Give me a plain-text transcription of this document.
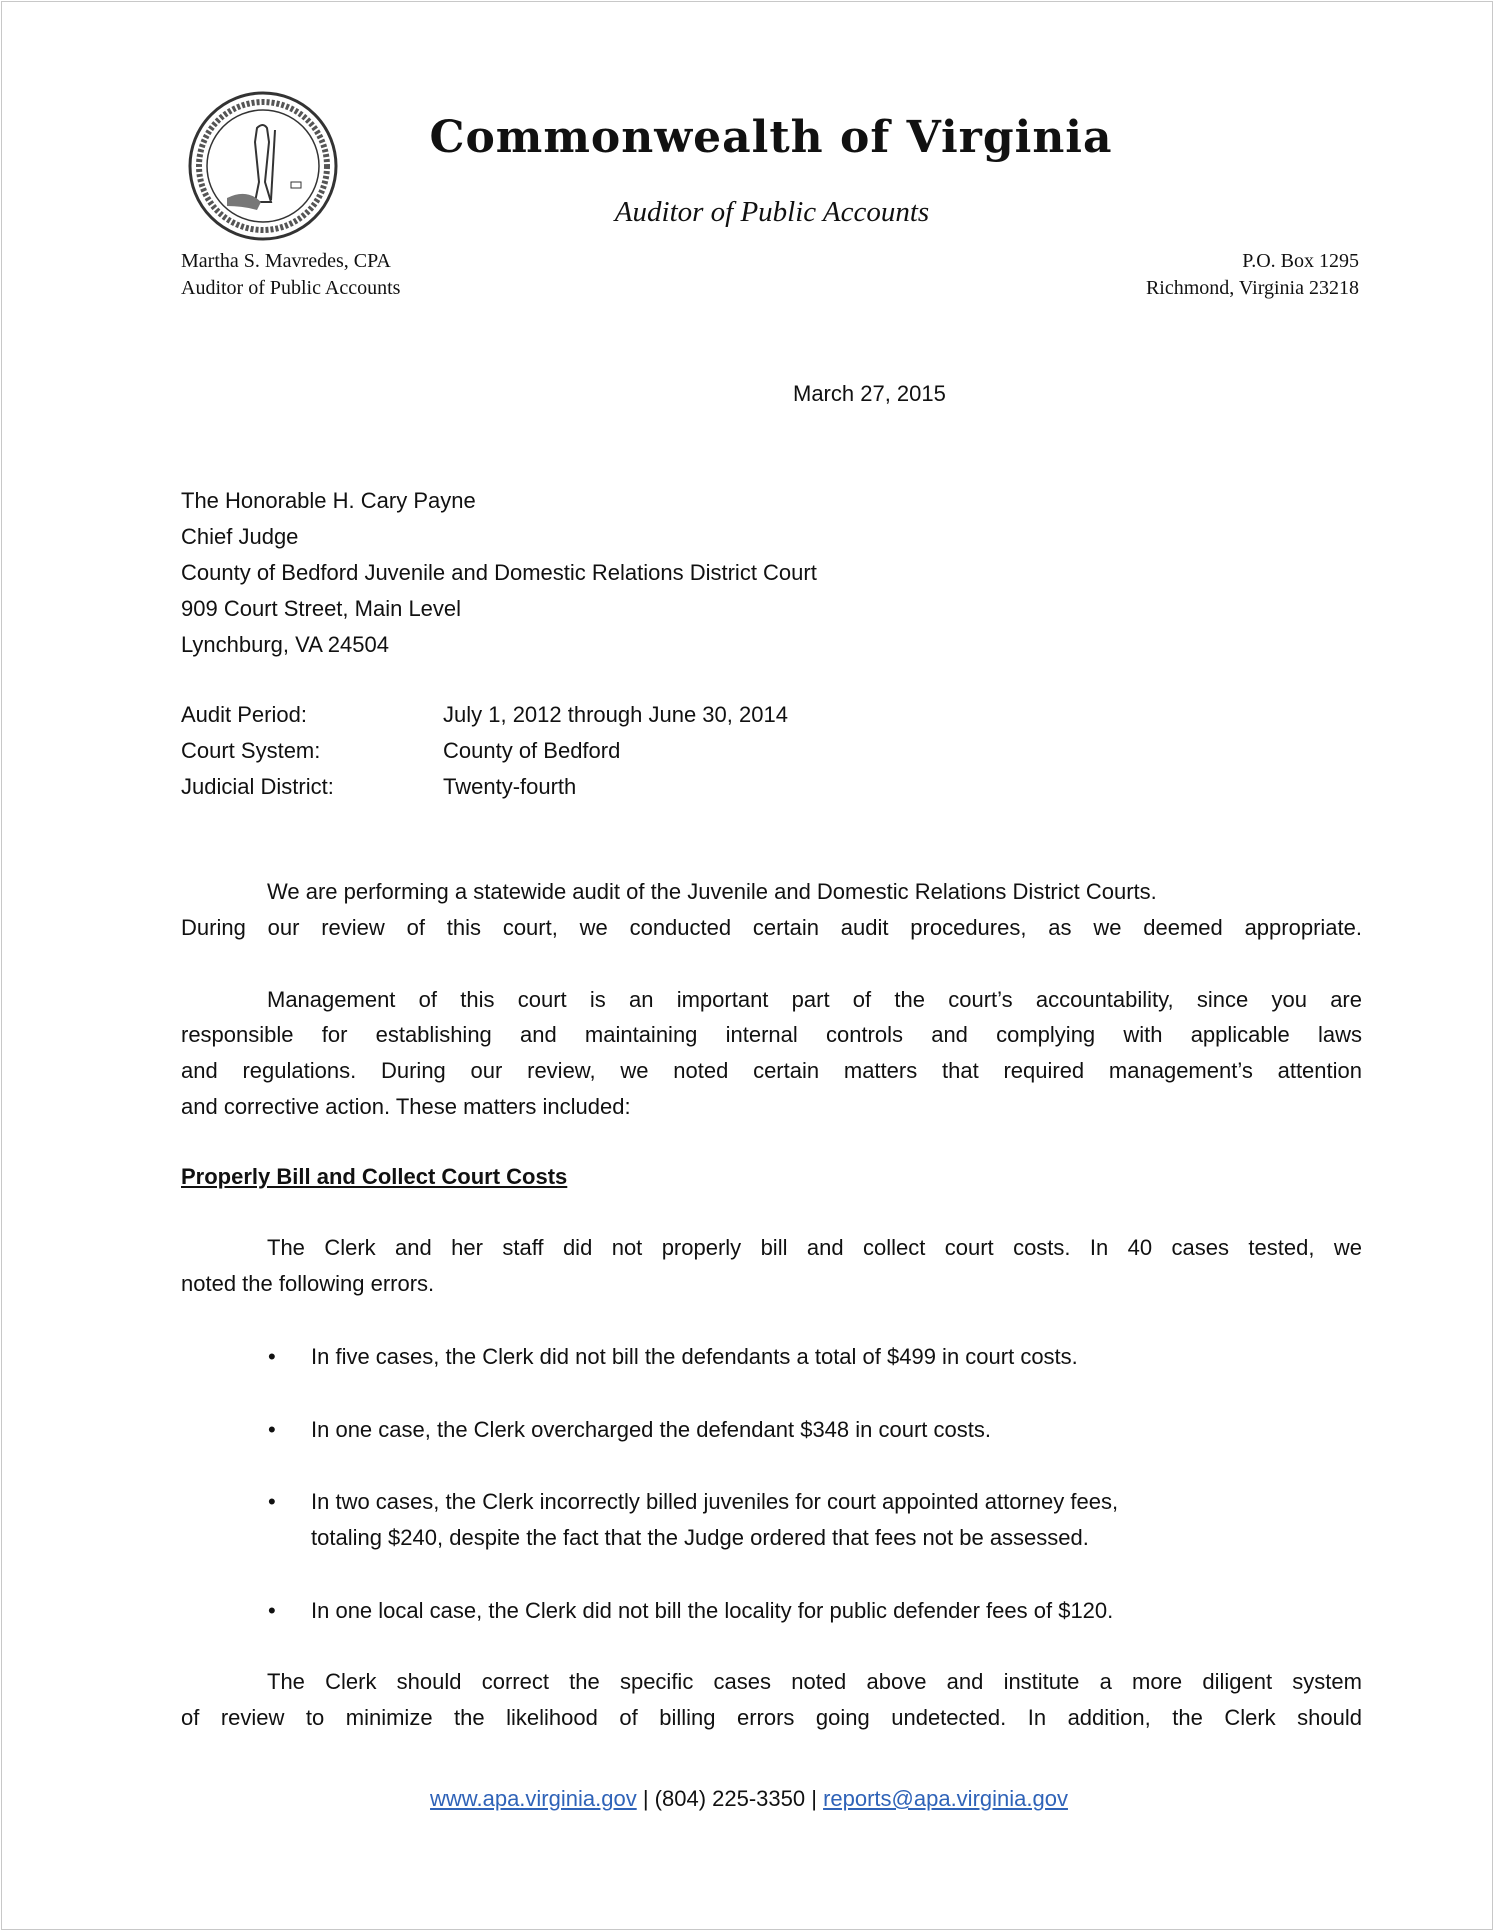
Commonwealth of Virginia
Auditor of Public Accounts
Martha S. Mavredes, CPA
Auditor of Public Accounts
P.O. Box 1295
Richmond, Virginia 23218
March 27, 2015
The Honorable H. Cary Payne
Chief Judge
County of Bedford Juvenile and Domestic Relations District Court
909 Court Street, Main Level
Lynchburg, VA 24504
Audit Period:	July 1, 2012 through June 30, 2014
Court System:	County of Bedford
Judicial District:	Twenty-fourth
We are performing a statewide audit of the Juvenile and Domestic Relations District Courts.
During our review of this court, we conducted certain audit procedures, as we deemed appropriate.
Management of this court is an important part of the court’s accountability, since you are
responsible for establishing and maintaining internal controls and complying with applicable laws
and regulations. During our review, we noted certain matters that required management’s attention
and corrective action. These matters included:
Properly Bill and Collect Court Costs
The Clerk and her staff did not properly bill and collect court costs. In 40 cases tested, we
noted the following errors.
• In five cases, the Clerk did not bill the defendants a total of $499 in court costs.
• In one case, the Clerk overcharged the defendant $348 in court costs.
• In two cases, the Clerk incorrectly billed juveniles for court appointed attorney fees,
totaling $240, despite the fact that the Judge ordered that fees not be assessed.
• In one local case, the Clerk did not bill the locality for public defender fees of $120.
The Clerk should correct the specific cases noted above and institute a more diligent system
of review to minimize the likelihood of billing errors going undetected. In addition, the Clerk should
www.apa.virginia.gov | (804) 225-3350 | reports@apa.virginia.gov
